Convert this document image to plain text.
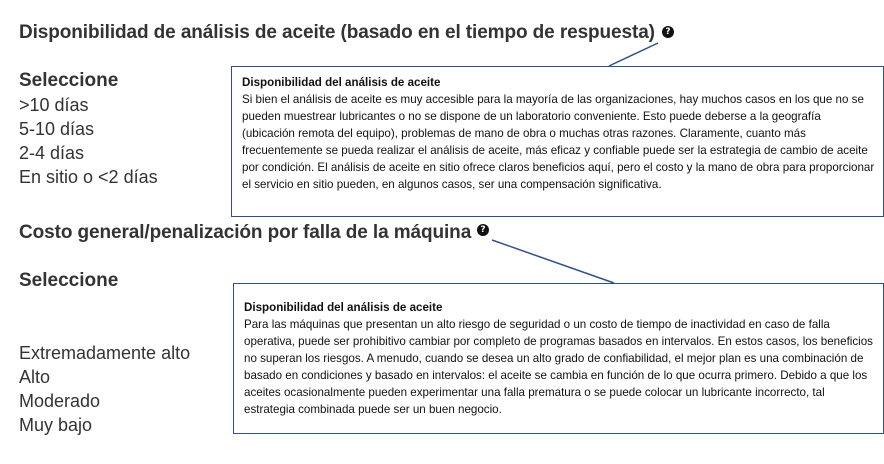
Disponibilidad de análisis de aceite (basado en el tiempo de respuesta)	?
Seleccione
>10 días
5-10 días
2-4 días
En sitio o <2 días
Disponibilidad del análisis de aceite
Si bien el análisis de aceite es muy accesible para la mayoría de las organizaciones, hay muchos casos en los que no se pueden muestrear lubricantes o no se dispone de un laboratorio conveniente. Esto puede deberse a la geografía (ubicación remota del equipo), problemas de mano de obra o muchas otras razones. Claramente, cuanto más frecuentemente se pueda realizar el análisis de aceite, más eficaz y confiable puede ser la estrategia de cambio de aceite por condición. El análisis de aceite en sitio ofrece claros beneficios aquí, pero el costo y la mano de obra para proporcionar el servicio en sitio pueden, en algunos casos, ser una compensación significativa.
Costo general/penalización por falla de la máquina	?
Seleccione
Extremadamente alto
Alto
Moderado
Muy bajo
Disponibilidad del análisis de aceite
Para las máquinas que presentan un alto riesgo de seguridad o un costo de tiempo de inactividad en caso de falla operativa, puede ser prohibitivo cambiar por completo de programas basados en intervalos. En estos casos, los beneficios no superan los riesgos. A menudo, cuando se desea un alto grado de confiabilidad, el mejor plan es una combinación de basado en condiciones y basado en intervalos: el aceite se cambia en función de lo que ocurra primero. Debido a que los aceites ocasionalmente pueden experimentar una falla prematura o se puede colocar un lubricante incorrecto, tal estrategia combinada puede ser un buen negocio.
